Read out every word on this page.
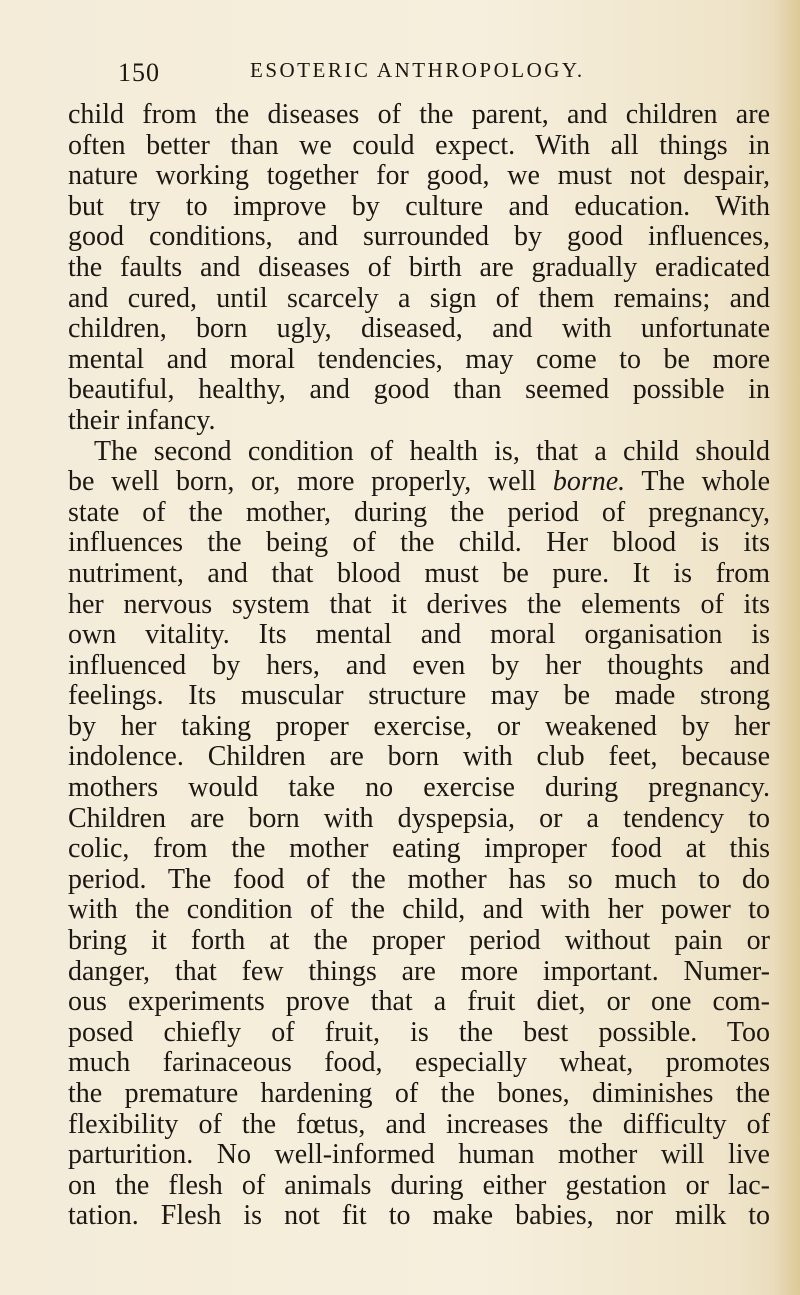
150	ESOTERIC ANTHROPOLOGY.
child from the diseases of the parent, and children are
often better than we could expect. With all things in
nature working together for good, we must not despair,
but try to improve by culture and education. With
good conditions, and surrounded by good influences,
the faults and diseases of birth are gradually eradicated
and cured, until scarcely a sign of them remains; and
children, born ugly, diseased, and with unfortunate
mental and moral tendencies, may come to be more
beautiful, healthy, and good than seemed possible in
their infancy.
The second condition of health is, that a child should
be well born, or, more properly, well borne. The whole
state of the mother, during the period of pregnancy,
influences the being of the child. Her blood is its
nutriment, and that blood must be pure. It is from
her nervous system that it derives the elements of its
own vitality. Its mental and moral organisation is
influenced by hers, and even by her thoughts and
feelings. Its muscular structure may be made strong
by her taking proper exercise, or weakened by her
indolence. Children are born with club feet, because
mothers would take no exercise during pregnancy.
Children are born with dyspepsia, or a tendency to
colic, from the mother eating improper food at this
period. The food of the mother has so much to do
with the condition of the child, and with her power to
bring it forth at the proper period without pain or
danger, that few things are more important. Numer-
ous experiments prove that a fruit diet, or one com-
posed chiefly of fruit, is the best possible. Too
much farinaceous food, especially wheat, promotes
the premature hardening of the bones, diminishes the
flexibility of the fœtus, and increases the difficulty of
parturition. No well-informed human mother will live
on the flesh of animals during either gestation or lac-
tation. Flesh is not fit to make babies, nor milk to
